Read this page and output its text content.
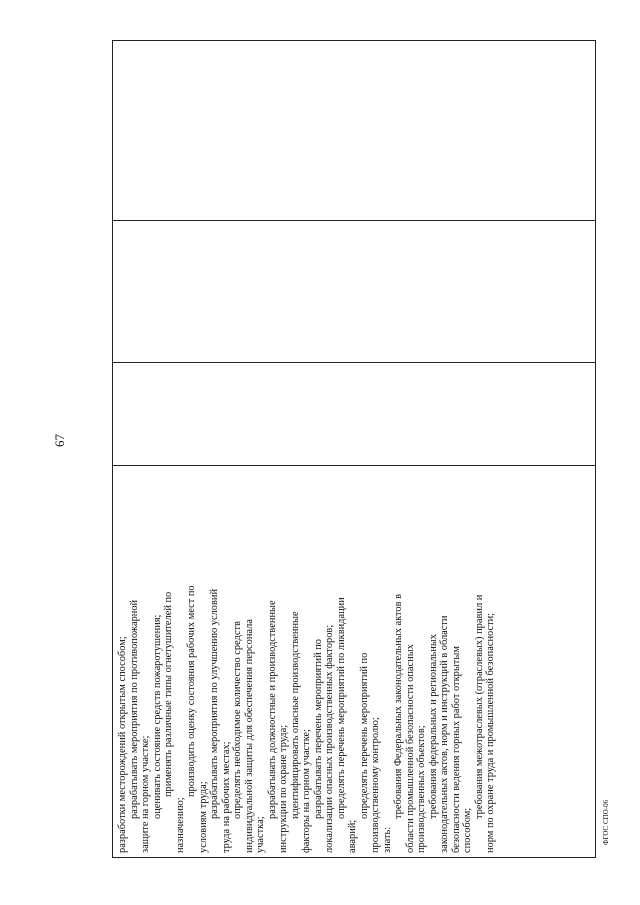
67
разработки месторождений открытым способом; разрабатывать мероприятия по противопожарной защите на горном участке; оценивать состояние средств пожаротушения; применять различные типы огнетушителей по
назначению;
производить оценку состояния рабочих мест по
условиям труда; разрабатывать мероприятия по улучшению условий труда на рабочих местах; определять необходимое количество средств индивидуальной защиты для обеспечения персонала участка;
разрабатывать должностные и производственные инструкции по охране труда; идентифицировать опасные производственные факторы на горном участке; разрабатывать перечень мероприятий по локализации опасных производственных факторов; определять перечень мероприятий по ликвидации
аварий;
определять перечень мероприятий по производственному контролю; знать:
требования Федеральных законодательных актов в области промышленной безопасности опасных производственных объектов; требования федеральных и региональных законодательных актов, норм и инструкций в области безопасности ведения горных работ открытым способом;
требования межотраслевых (отраслевых) правил и норм по охране труда и промышленной безопасности;	ФГОС СПО-06
